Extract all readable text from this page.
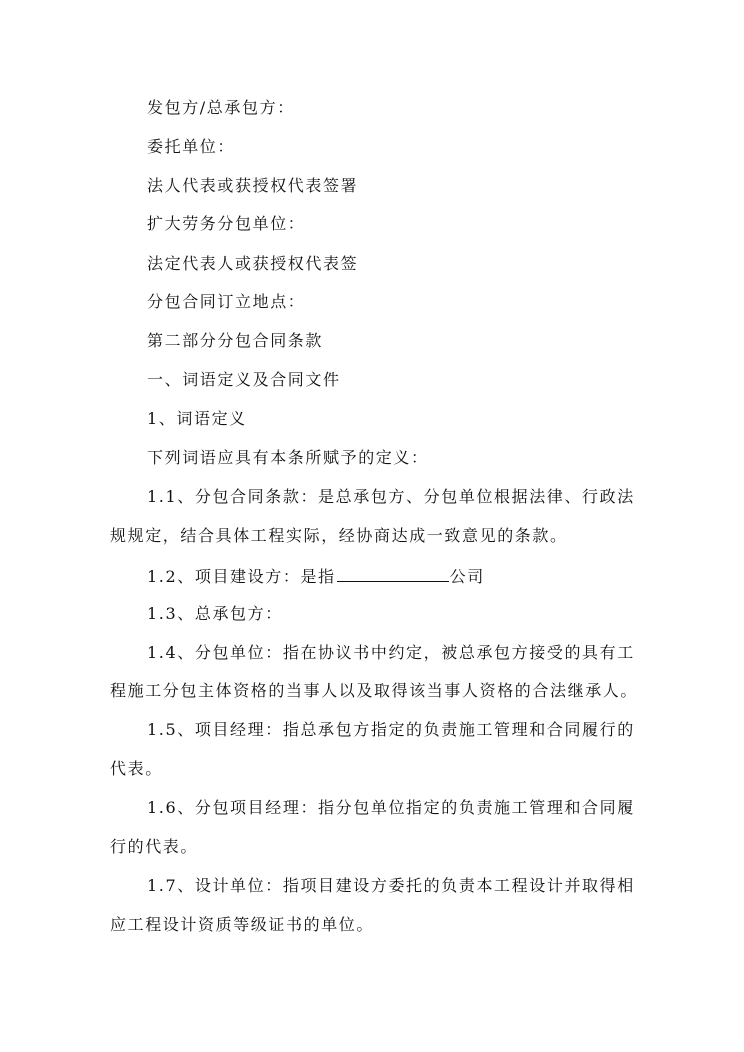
发包方/总承包方：
委托单位：
法人代表或获授权代表签署
扩大劳务分包单位：
法定代表人或获授权代表签
分包合同订立地点：
第二部分分包合同条款
一、词语定义及合同文件
1、词语定义
下列词语应具有本条所赋予的定义：
1.1、分包合同条款：是总承包方、分包单位根据法律、行政法
规规定，结合具体工程实际，经协商达成一致意见的条款。
1.2、项目建设方：是指	公司
1.3、总承包方：
1.4、分包单位：指在协议书中约定，被总承包方接受的具有工
程施工分包主体资格的当事人以及取得该当事人资格的合法继承人。
1.5、项目经理：指总承包方指定的负责施工管理和合同履行的
代表。
1.6、分包项目经理：指分包单位指定的负责施工管理和合同履
行的代表。
1.7、设计单位：指项目建设方委托的负责本工程设计并取得相
应工程设计资质等级证书的单位。
